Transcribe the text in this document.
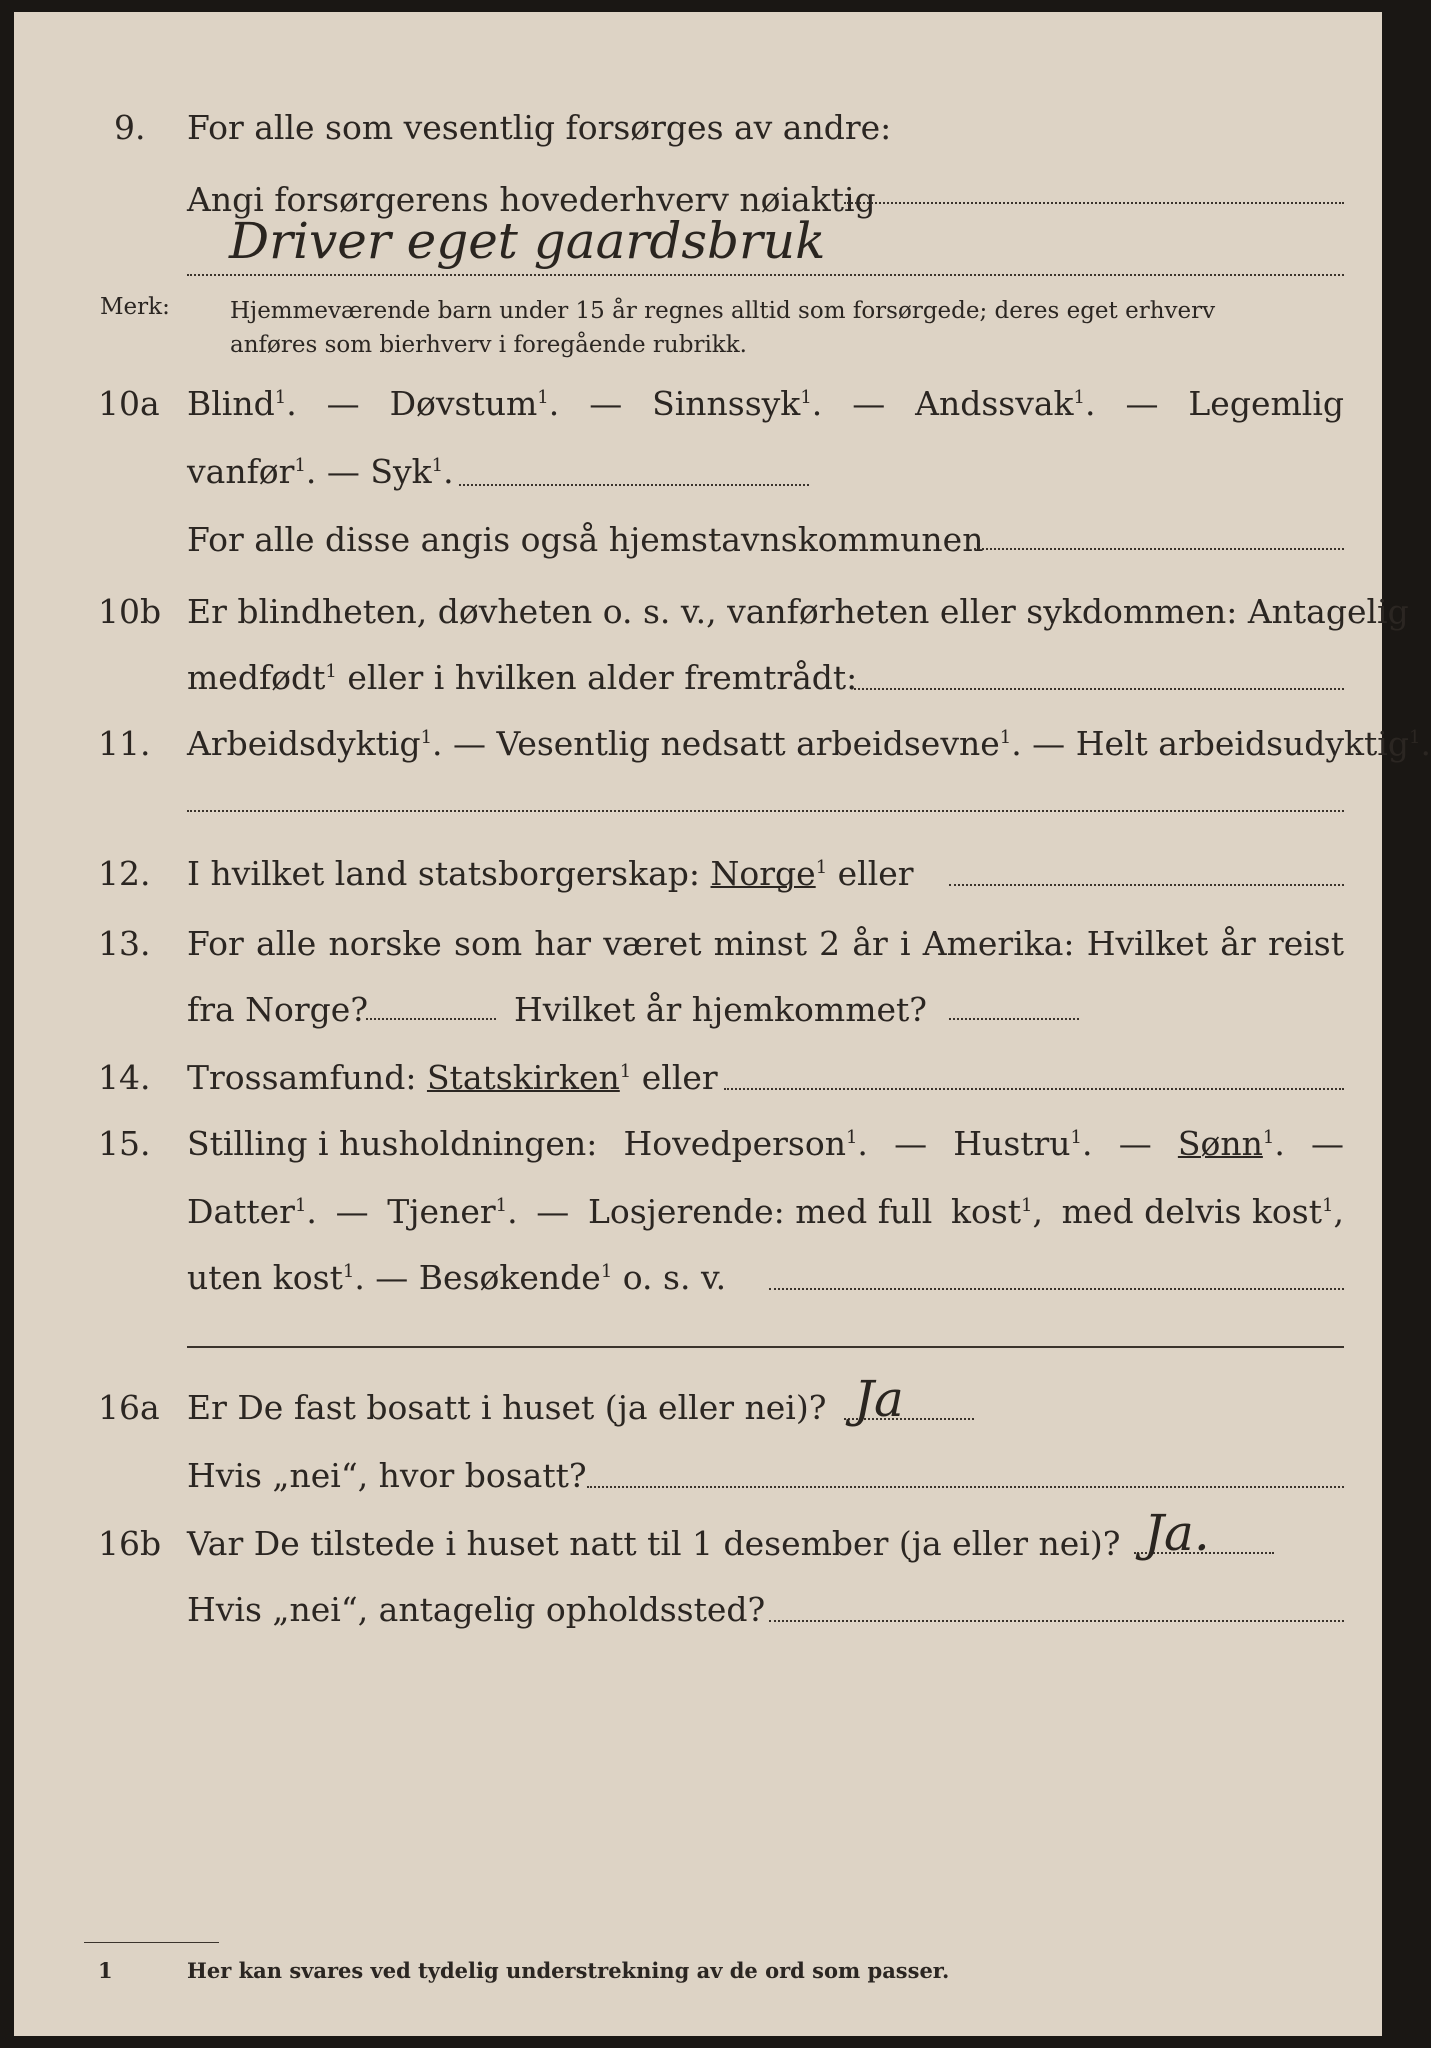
9. For alle som vesentlig forsørges av andre:
Angi forsørgerens hovederhverv nøiaktig
Driver eget gaardsbruk
Merk:	Hjemmeværende barn under 15 år regnes alltid som forsørgede; deres eget erhverv
anføres som bierhverv i foregående rubrikk.
10a Blind$^1$. — Døvstum$^1$. — Sinnssyk$^1$. — Andssvak$^1$. — Legemlig
vanfør$^1$. — Syk$^1$.
For alle disse angis også hjemstavnskommunen
10b Er blindheten, døvheten o. s. v., vanførheten eller sykdommen: Antagelig
medfødt$^1$ eller i hvilken alder fremtrådt:
11. Arbeidsdyktig$^1$. — Vesentlig nedsatt arbeidsevne$^1$. — Helt arbeidsudyktig$^1$.
12. I hvilket land statsborgerskap: Norge$^1$ eller
13. For alle norske som har været minst 2 år i Amerika: Hvilket år reist
fra Norge?	Hvilket år hjemkommet?
14. Trossamfund: Statskirken$^1$ eller
15. Stilling i husholdningen: Hovedperson$^1$. — Hustru$^1$. — Sønn$^1$. —
Datter$^1$. — Tjener$^1$. — Losjerende: med full kost$^1$, med delvis kost$^1$,
uten kost$^1$. — Besøkende$^1$ o. s. v.
16a Er De fast bosatt i huset (ja eller nei)? Ja
Hvis „nei“, hvor bosatt?
16b Var De tilstede i huset natt til 1 desember (ja eller nei)? Ja.
Hvis „nei“, antagelig opholdssted?
1	Her kan svares ved tydelig understrekning av de ord som passer.
